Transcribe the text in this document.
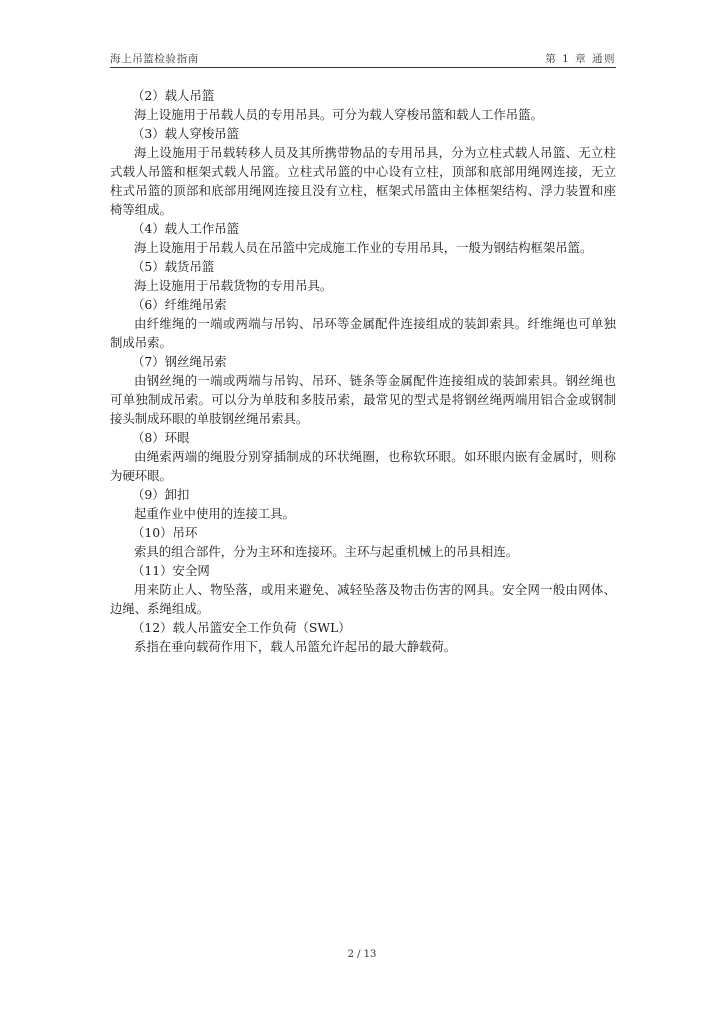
海上吊篮检验指南	第 1 章 通则

（2）载人吊篮

海上设施用于吊载人员的专用吊具。可分为载人穿梭吊篮和载人工作吊篮。

（3）载人穿梭吊篮

海上设施用于吊载转移人员及其所携带物品的专用吊具，分为立柱式载人吊篮、无立柱式载人吊篮和框架式载人吊篮。立柱式吊篮的中心设有立柱，顶部和底部用绳网连接，无立柱式吊篮的顶部和底部用绳网连接且没有立柱，框架式吊篮由主体框架结构、浮力装置和座椅等组成。

（4）载人工作吊篮

海上设施用于吊载人员在吊篮中完成施工作业的专用吊具，一般为钢结构框架吊篮。

（5）载货吊篮

海上设施用于吊载货物的专用吊具。

（6）纤维绳吊索

由纤维绳的一端或两端与吊钩、吊环等金属配件连接组成的装卸索具。纤维绳也可单独制成吊索。

（7）钢丝绳吊索

由钢丝绳的一端或两端与吊钩、吊环、链条等金属配件连接组成的装卸索具。钢丝绳也可单独制成吊索。可以分为单肢和多肢吊索，最常见的型式是将钢丝绳两端用铝合金或钢制接头制成环眼的单肢钢丝绳吊索具。

（8）环眼

由绳索两端的绳股分别穿插制成的环状绳圈，也称软环眼。如环眼内嵌有金属时，则称为硬环眼。

（9）卸扣

起重作业中使用的连接工具。

（10）吊环

索具的组合部件，分为主环和连接环。主环与起重机械上的吊具相连。

（11）安全网

用来防止人、物坠落，或用来避免、减轻坠落及物击伤害的网具。安全网一般由网体、边绳、系绳组成。

（12）载人吊篮安全工作负荷（SWL）

系指在垂向载荷作用下，载人吊篮允许起吊的最大静载荷。

2 / 13
